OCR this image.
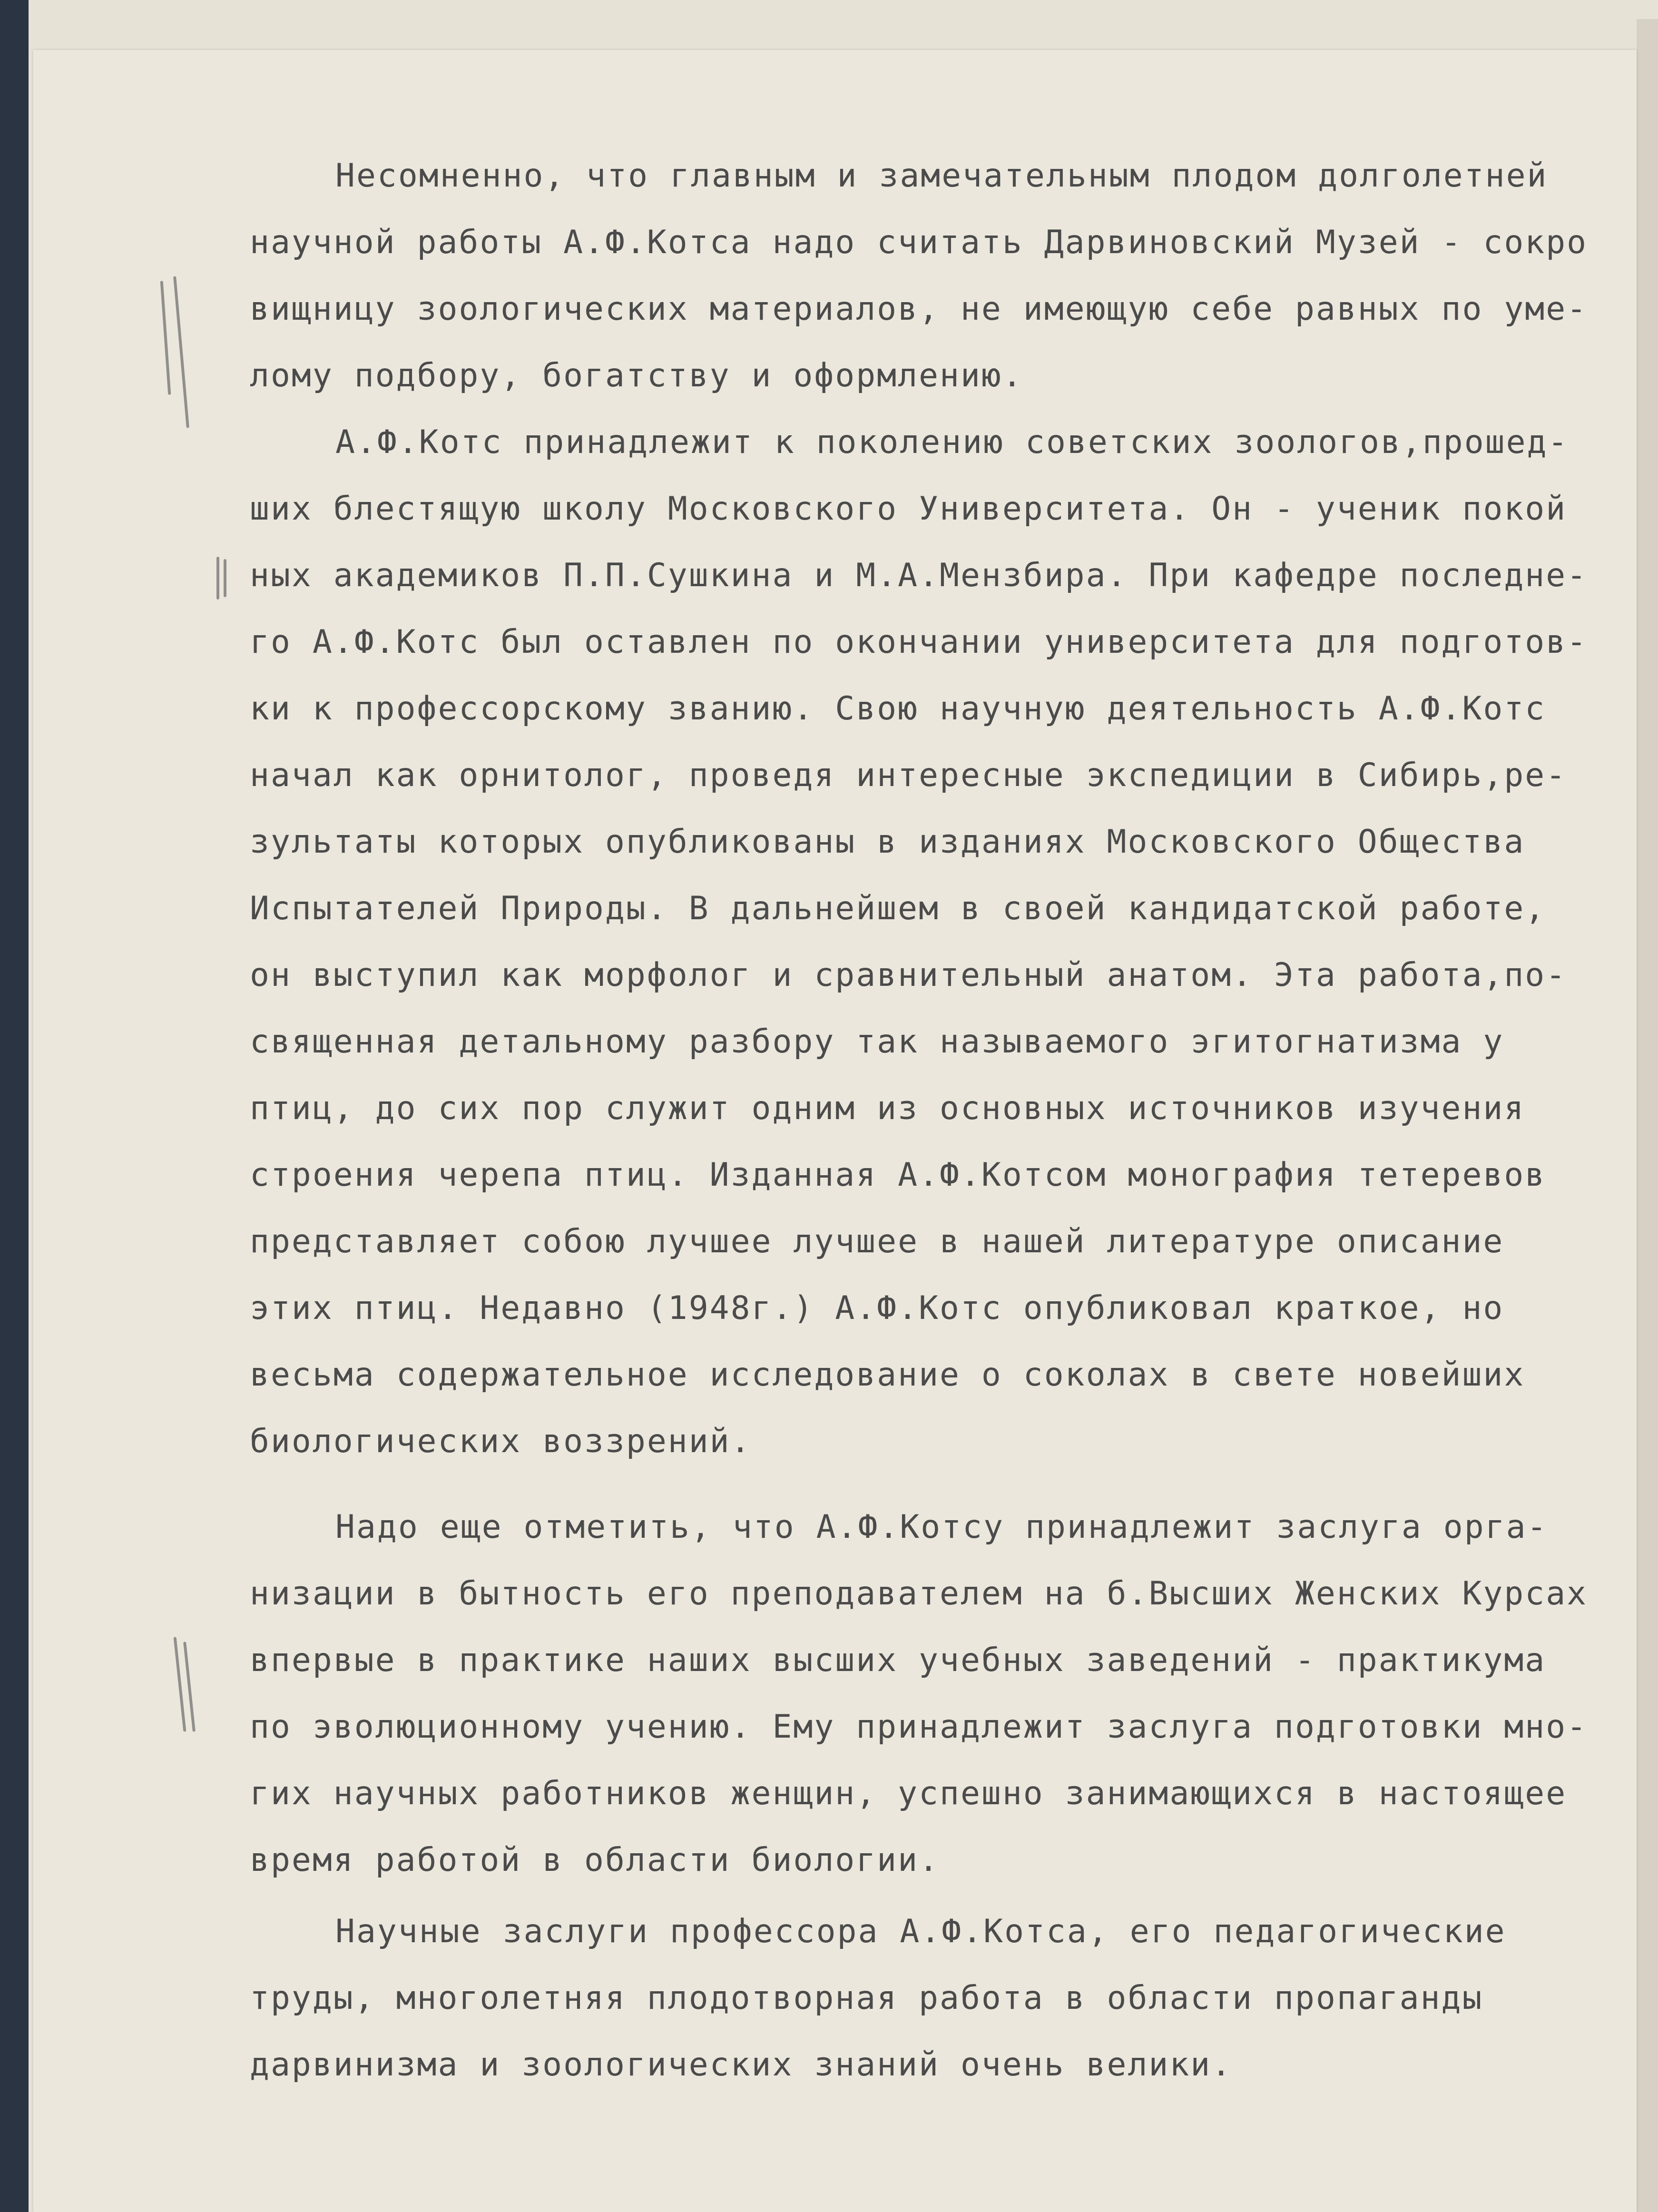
Несомненно, что главным и замечательным плодом долголетней
научной работы А.Ф.Котса надо считать Дарвиновский Музей - сокро
вищницу зоологических материалов, не имеющую себе равных по уме-
лому подбору, богатству и оформлению.
А.Ф.Котс принадлежит к поколению советских зоологов,прошед-
ших блестящую школу Московского Университета. Он - ученик покой
ных академиков П.П.Сушкина и М.А.Мензбира. При кафедре последне-
го А.Ф.Котс был оставлен по окончании университета для подготов-
ки к профессорскому званию. Свою научную деятельность А.Ф.Котс
начал как орнитолог, проведя интересные экспедиции в Сибирь,ре-
зультаты которых опубликованы в изданиях Московского Общества
Испытателей Природы. В дальнейшем в своей кандидатской работе,
он выступил как морфолог и сравнительный анатом. Эта работа,по-
священная детальному разбору так называемого эгитогнатизма у
птиц, до сих пор служит одним из основных источников изучения
строения черепа птиц. Изданная А.Ф.Котсом монография тетеревов
представляет собою лучшее лучшее в нашей литературе описание
этих птиц. Недавно (1948г.) А.Ф.Котс опубликовал краткое, но
весьма содержательное исследование о соколах в свете новейших
биологических воззрений.
Надо еще отметить, что А.Ф.Котсу принадлежит заслуга орга-
низации в бытность его преподавателем на б.Высших Женских Курсах
впервые в практике наших высших учебных заведений - практикума
по эволюционному учению. Ему принадлежит заслуга подготовки мно-
гих научных работников женщин, успешно занимающихся в настоящее
время работой в области биологии.
Научные заслуги профессора А.Ф.Котса, его педагогические
труды, многолетняя плодотворная работа в области пропаганды
дарвинизма и зоологических знаний очень велики.
